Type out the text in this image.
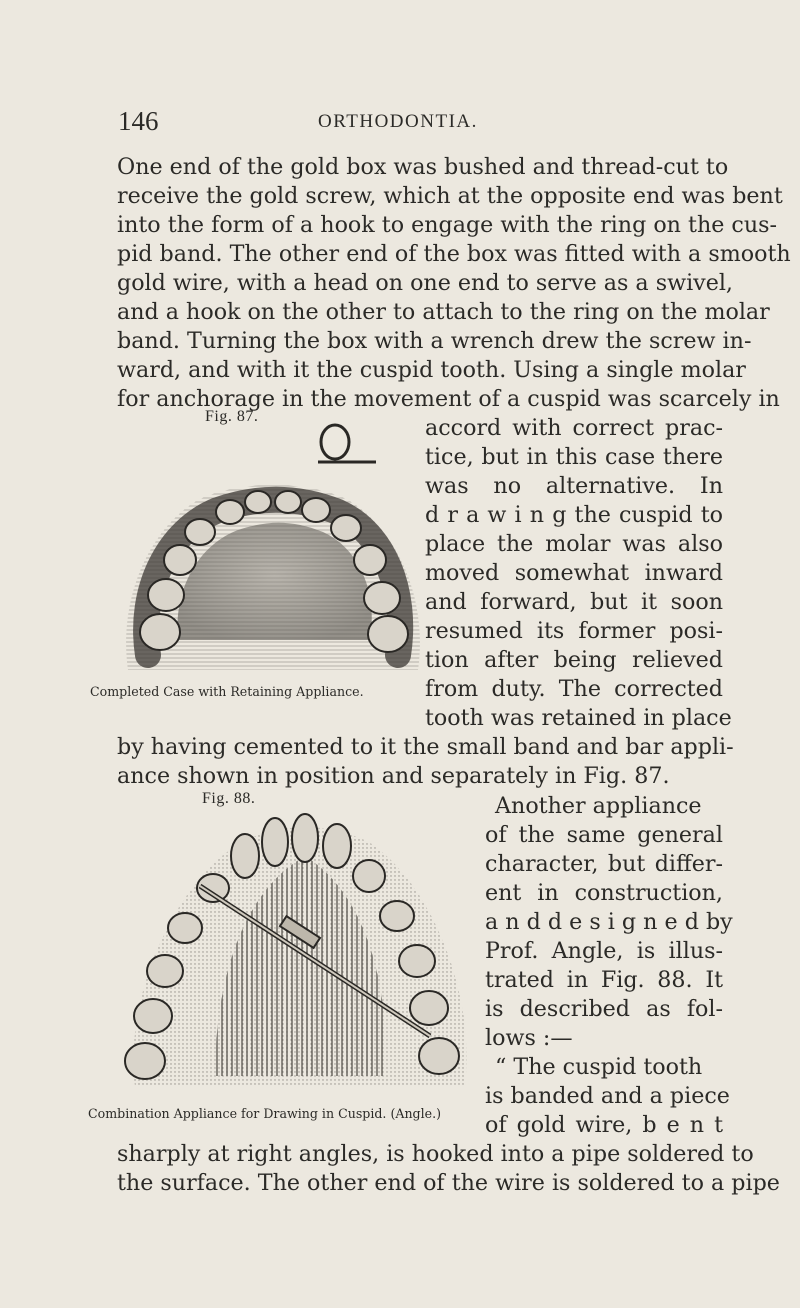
146	ORTHODONTIA.
One end of the gold box was bushed and thread-cut to
receive the gold screw, which at the opposite end was bent
into the form of a hook to engage with the ring on the cus-
pid band. The other end of the box was fitted with a smooth
gold wire, with a head on one end to serve as a swivel,
and a hook on the other to attach to the ring on the molar
band. Turning the box with a wrench drew the screw in-
ward, and with it the cuspid tooth. Using a single molar
for anchorage in the movement of a cuspid was scarcely in
Fig. 87.
Completed Case with Retaining Appliance.
accord with correct prac-
tice, but in this case there
was no alternative. In
d r a w i n g the cuspid to
place the molar was also
moved somewhat inward
and forward, but it soon
resumed its former posi-
tion after being relieved
from duty. The corrected
tooth was retained in place
by having cemented to it the small band and bar appli-
ance shown in position and separately in Fig. 87.
Fig. 88.
Combination Appliance for Drawing in Cuspid. (Angle.)
Another appliance
of the same general
character, but differ-
ent in construction,
a n d d e s i g n e d by
Prof. Angle, is illus-
trated in Fig. 88. It
is described as fol-
lows :—
“ The cuspid tooth
is banded and a piece
of gold wire, b e n t
sharply at right angles, is hooked into a pipe soldered to
the surface. The other end of the wire is soldered to a pipe
